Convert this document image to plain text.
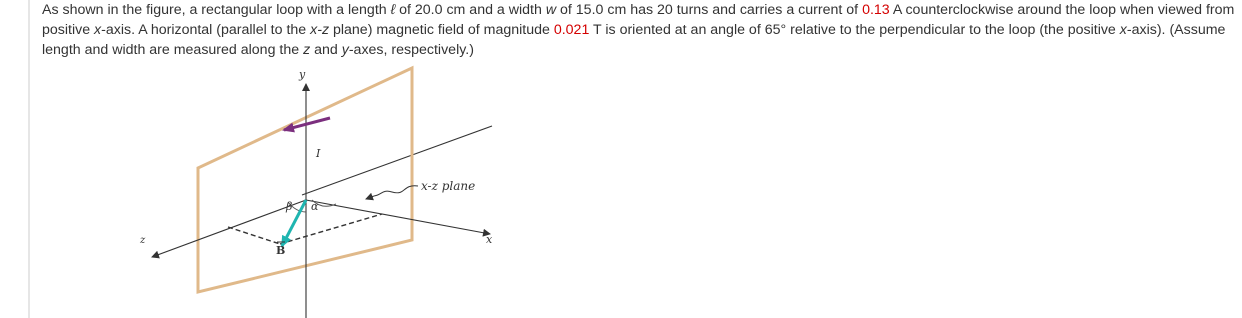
As shown in the figure, a rectangular loop with a length ℓ of 20.0 cm and a width w of 15.0 cm has 20 turns and carries a current of 0.13 A counterclockwise around the loop when viewed from
positive x-axis. A horizontal (parallel to the x-z plane) magnetic field of magnitude 0.021 T is oriented at an angle of 65° relative to the perpendicular to the loop (the positive x-axis). (Assume
length and width are measured along the z and y-axes, respectively.)
y
I
x-z plane
β α
z	x
B
